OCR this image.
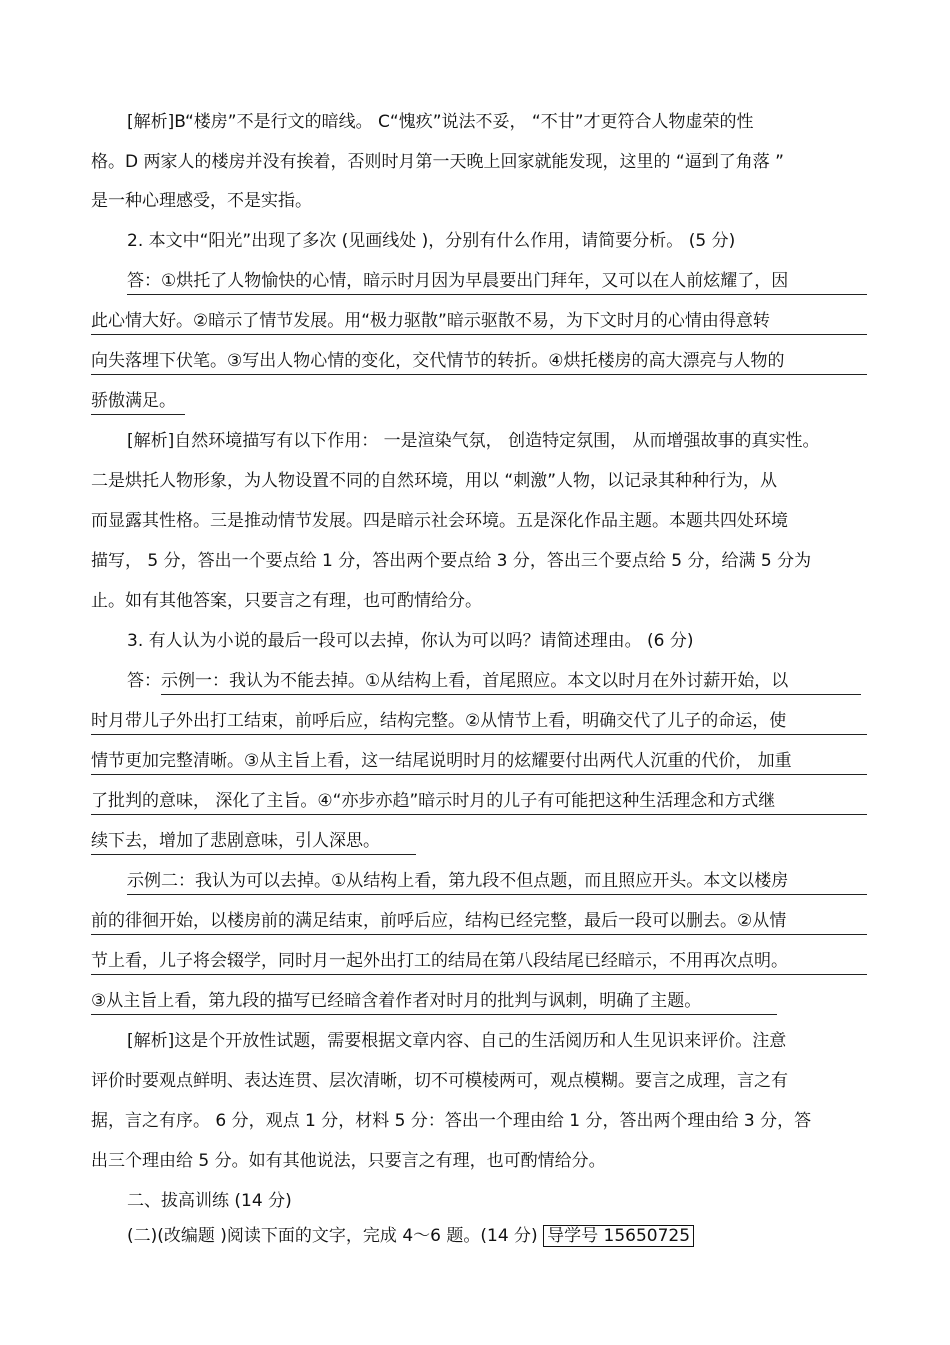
[解析]B“楼房”不是行文的暗线。 C“愧疚”说法不妥， “不甘”才更符合人物虚荣的性
格。D 两家人的楼房并没有挨着，否则时月第一天晚上回家就能发现，这里的 “逼到了角落 ”
是一种心理感受，不是实指。
2. 本文中“阳光”出现了多次 (见画线处 )，分别有什么作用，请简要分析。 (5 分)
答：①烘托了人物愉快的心情，暗示时月因为早晨要出门拜年，又可以在人前炫耀了，因
此心情大好。②暗示了情节发展。用“极力驱散”暗示驱散不易，为下文时月的心情由得意转
向失落埋下伏笔。③写出人物心情的变化，交代情节的转折。④烘托楼房的高大漂亮与人物的
骄傲满足。
[解析]自然环境描写有以下作用： 一是渲染气氛， 创造特定氛围， 从而增强故事的真实性。
二是烘托人物形象，为人物设置不同的自然环境，用以 “刺激”人物，以记录其种种行为，从
而显露其性格。三是推动情节发展。四是暗示社会环境。五是深化作品主题。本题共四处环境
描写， 5 分，答出一个要点给 1 分，答出两个要点给 3 分，答出三个要点给 5 分，给满 5 分为
止。如有其他答案，只要言之有理，也可酌情给分。
3. 有人认为小说的最后一段可以去掉，你认为可以吗？请简述理由。 (6 分)
答：示例一：我认为不能去掉。①从结构上看，首尾照应。本文以时月在外讨薪开始，以
时月带儿子外出打工结束，前呼后应，结构完整。②从情节上看，明确交代了儿子的命运，使
情节更加完整清晰。③从主旨上看，这一结尾说明时月的炫耀要付出两代人沉重的代价， 加重
了批判的意味， 深化了主旨。④“亦步亦趋”暗示时月的儿子有可能把这种生活理念和方式继
续下去，增加了悲剧意味，引人深思。
示例二：我认为可以去掉。①从结构上看，第九段不但点题，而且照应开头。本文以楼房
前的徘徊开始，以楼房前的满足结束，前呼后应，结构已经完整，最后一段可以删去。②从情
节上看，儿子将会辍学，同时月一起外出打工的结局在第八段结尾已经暗示，不用再次点明。
③从主旨上看，第九段的描写已经暗含着作者对时月的批判与讽刺，明确了主题。
[解析]这是个开放性试题，需要根据文章内容、自己的生活阅历和人生见识来评价。注意
评价时要观点鲜明、表达连贯、层次清晰，切不可模棱两可，观点模糊。要言之成理，言之有
据，言之有序。 6 分，观点 1 分，材料 5 分：答出一个理由给 1 分，答出两个理由给 3 分，答
出三个理由给 5 分。如有其他说法，只要言之有理，也可酌情给分。
二、拔高训练 (14 分)
(二)(改编题 )阅读下面的文字，完成 4～6 题。(14 分) 导学号 15650725
